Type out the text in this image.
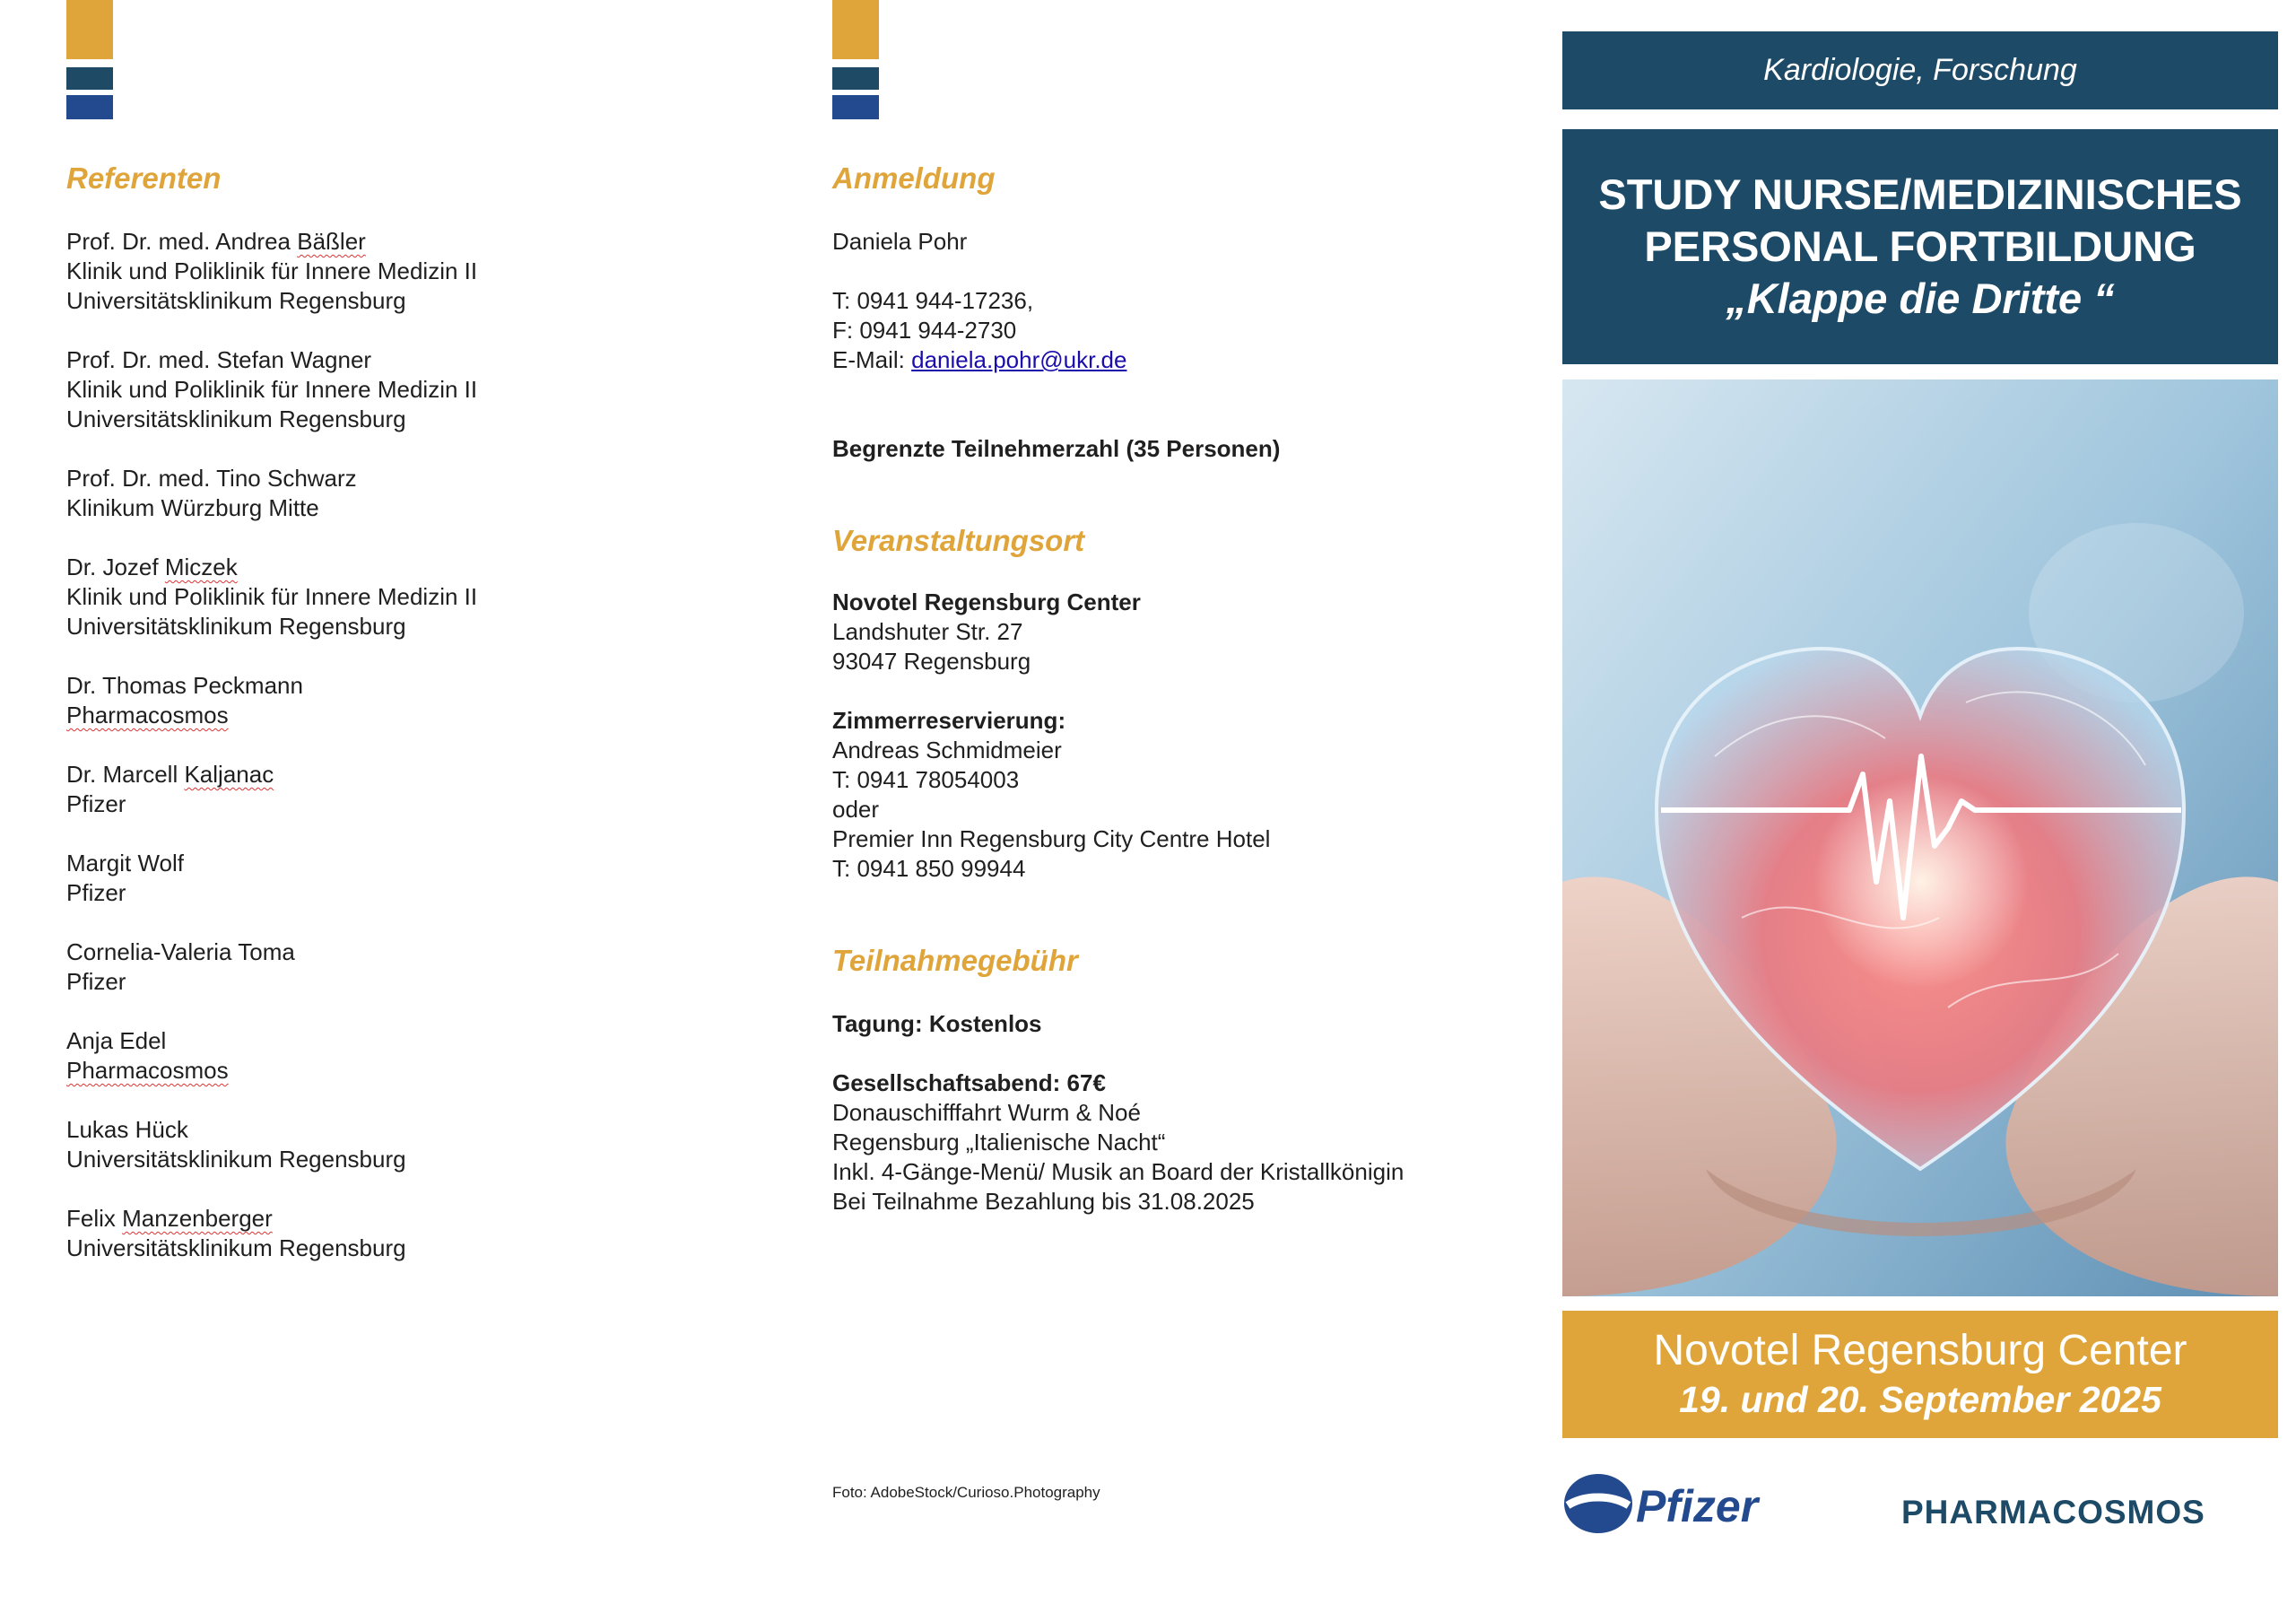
Referenten

Prof. Dr. med. Andrea Bäßler

Klinik und Poliklinik für Innere Medizin II

Universitätsklinikum Regensburg

Prof. Dr. med. Stefan Wagner

Klinik und Poliklinik für Innere Medizin II

Universitätsklinikum Regensburg

Prof. Dr. med. Tino Schwarz

Klinikum Würzburg Mitte

Dr. Jozef Miczek

Klinik und Poliklinik für Innere Medizin II

Universitätsklinikum Regensburg

Dr. Thomas Peckmann

Pharmacosmos

Dr. Marcell Kaljanac

Pfizer

Margit Wolf

Pfizer

Cornelia-Valeria Toma

Pfizer

Anja Edel

Pharmacosmos

Lukas Hück

Universitätsklinikum Regensburg

Felix Manzenberger

Universitätsklinikum Regensburg

Anmeldung

Daniela Pohr

T: 0941 944-17236,

F: 0941 944-2730

E-Mail: daniela.pohr@ukr.de

Begrenzte Teilnehmerzahl (35 Personen)

Veranstaltungsort

Novotel Regensburg Center

Landshuter Str. 27

93047 Regensburg

Zimmerreservierung:

Andreas Schmidmeier

T: 0941 78054003

oder

Premier Inn Regensburg City Centre Hotel

T: 0941 850 99944

Teilnahmegebühr

Tagung: Kostenlos

Gesellschaftsabend: 67€

Donauschifffahrt Wurm & Noé

Regensburg „Italienische Nacht“

Inkl. 4-Gänge-Menü/ Musik an Board der Kristallkönigin

Bei Teilnahme Bezahlung bis 31.08.2025

Foto: AdobeStock/Curioso.Photography
Kardiologie, Forschung
STUDY NURSE/MEDIZINISCHES
PERSONAL FORTBILDUNG
„Klappe die Dritte “
Novotel Regensburg Center
19. und 20. September 2025
Pfizer	PHARMACOSMOS
